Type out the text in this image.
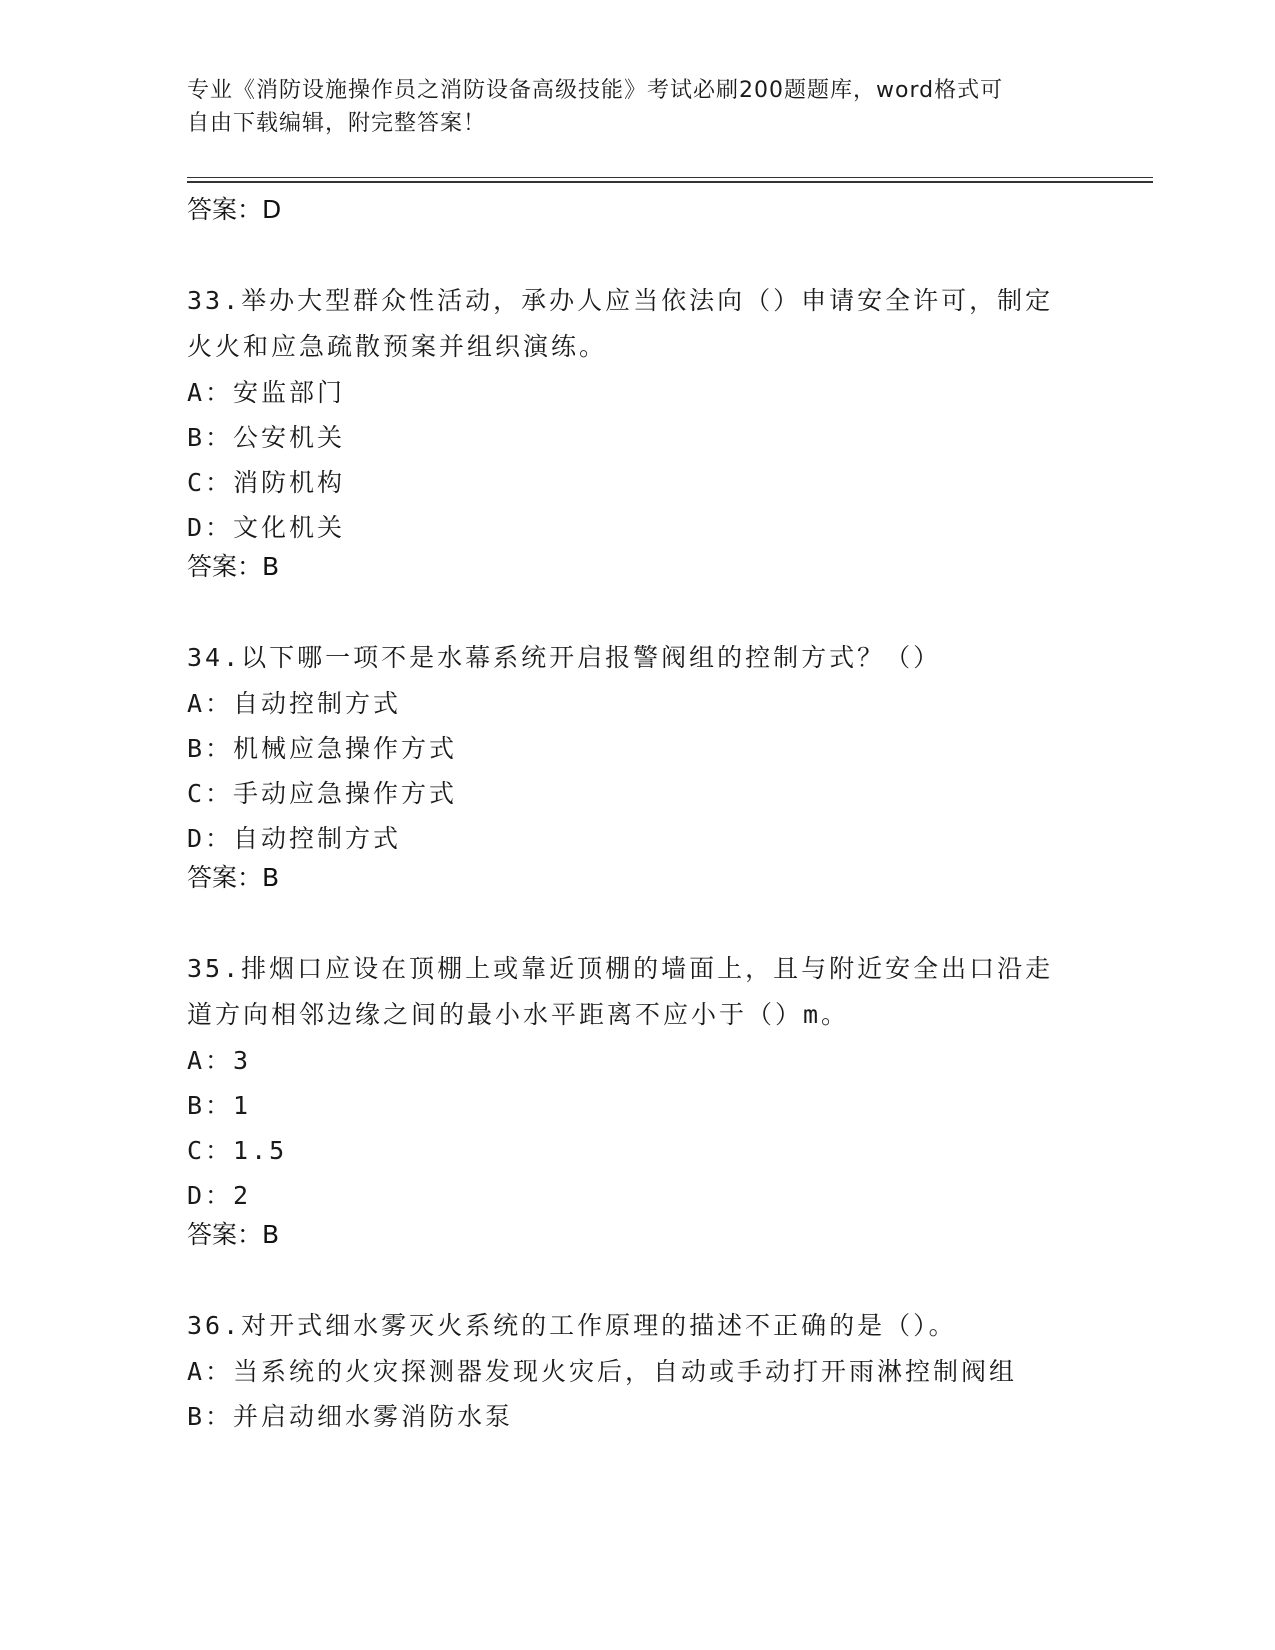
专业《消防设施操作员之消防设备高级技能》考试必刷200题题库，word格式可
自由下载编辑，附完整答案！
答案：D
33.举办大型群众性活动，承办人应当依法向（）申请安全许可，制定
火火和应急疏散预案并组织演练。
A：安监部门
B：公安机关
C：消防机构
D：文化机关
答案：B
34.以下哪一项不是水幕系统开启报警阀组的控制方式？（）
A：自动控制方式
B：机械应急操作方式
C：手动应急操作方式
D：自动控制方式
答案：B
35.排烟口应设在顶棚上或靠近顶棚的墙面上，且与附近安全出口沿走
道方向相邻边缘之间的最小水平距离不应小于（）m。
A：3
B：1
C：1.5
D：2
答案：B
36.对开式细水雾灭火系统的工作原理的描述不正确的是（）。
A：当系统的火灾探测器发现火灾后，自动或手动打开雨淋控制阀组
B：并启动细水雾消防水泵
